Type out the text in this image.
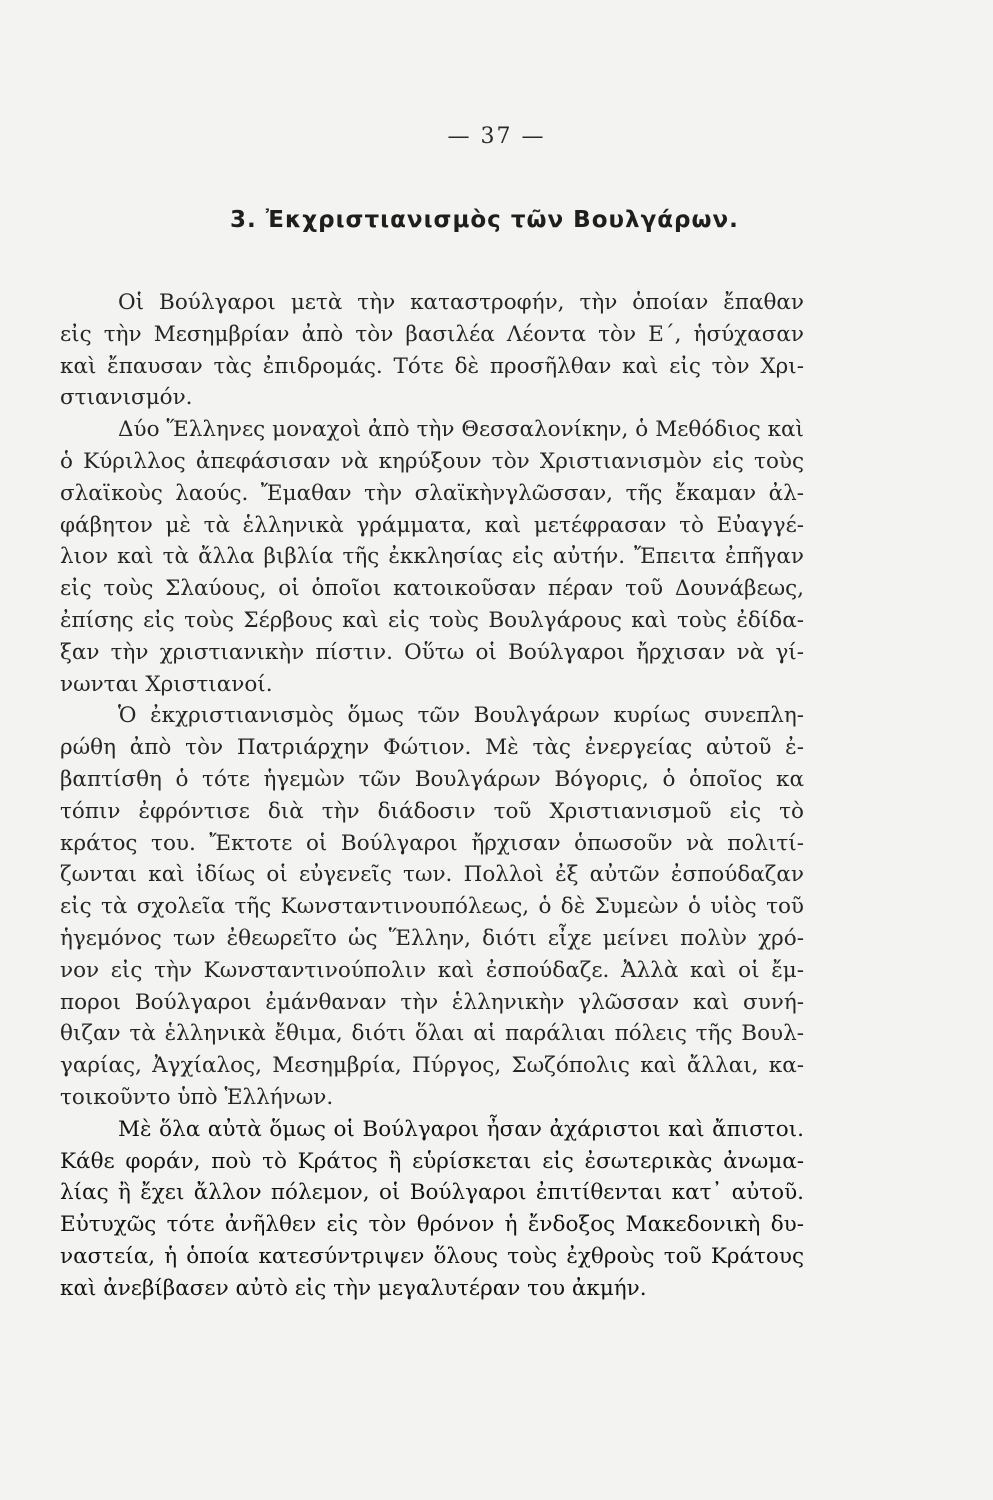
— 37 —
3. Ἐκχριστιανισμὸς τῶν Βουλγάρων.
Οἱ Βούλγαροι μετὰ τὴν καταστροφήν, τὴν ὁποίαν ἔπαθαν
εἰς τὴν Μεσημβρίαν ἀπὸ τὸν βασιλέα Λέοντα τὸν Ε΄, ἡσύχασαν
καὶ ἔπαυσαν τὰς ἐπιδρομάς. Τότε δὲ προσῆλθαν καὶ εἰς τὸν Χρι-
στιανισμόν.
Δύο Ἕλληνες μοναχοὶ ἀπὸ τὴν Θεσσαλονίκην, ὁ Μεθόδιος καὶ
ὁ Κύριλλος ἀπεφάσισαν νὰ κηρύξουν τὸν Χριστιανισμὸν εἰς τοὺς
σλαϊκοὺς λαούς. Ἔμαθαν τὴν σλαϊκὴνγλῶσσαν, τῆς ἔκαμαν ἀλ-
φάβητον μὲ τὰ ἑλληνικὰ γράμματα, καὶ μετέφρασαν τὸ Εὐαγγέ-
λιον καὶ τὰ ἄλλα βιβλία τῆς ἐκκλησίας εἰς αὐτήν. Ἔπειτα ἐπῆγαν
εἰς τοὺς Σλαύους, οἱ ὁποῖοι κατοικοῦσαν πέραν τοῦ Δουνάβεως,
ἐπίσης εἰς τοὺς Σέρβους καὶ εἰς τοὺς Βουλγάρους καὶ τοὺς ἐδίδα-
ξαν τὴν χριστιανικὴν πίστιν. Οὕτω οἱ Βούλγαροι ἤρχισαν νὰ γί-
νωνται Χριστιανοί.
Ὁ ἐκχριστιανισμὸς ὅμως τῶν Βουλγάρων κυρίως συνεπλη-
ρώθη ἀπὸ τὸν Πατριάρχην Φώτιον. Μὲ τὰς ἐνεργείας αὐτοῦ ἐ-
βαπτίσθη ὁ τότε ἡγεμὼν τῶν Βουλγάρων Βόγορις, ὁ ὁποῖος κα
τόπιν ἐφρόντισε διὰ τὴν διάδοσιν τοῦ Χριστιανισμοῦ εἰς τὸ
κράτος του. Ἔκτοτε οἱ Βούλγαροι ἤρχισαν ὁπωσοῦν νὰ πολιτί-
ζωνται καὶ ἰδίως οἱ εὐγενεῖς των. Πολλοὶ ἐξ αὐτῶν ἐσπούδαζαν
εἰς τὰ σχολεῖα τῆς Κωνσταντινουπόλεως, ὁ δὲ Συμεὼν ὁ υἱὸς τοῦ
ἡγεμόνος των ἐθεωρεῖτο ὡς Ἕλλην, διότι εἶχε μείνει πολὺν χρό-
νον εἰς τὴν Κωνσταντινούπολιν καὶ ἐσπούδαζε. Ἀλλὰ καὶ οἱ ἔμ-
ποροι Βούλγαροι ἐμάνθαναν τὴν ἑλληνικὴν γλῶσσαν καὶ συνή-
θιζαν τὰ ἑλληνικὰ ἔθιμα, διότι ὅλαι αἱ παράλιαι πόλεις τῆς Βουλ-
γαρίας, Ἀγχίαλος, Μεσημβρία, Πύργος, Σωζόπολις καὶ ἄλλαι, κα-
τοικοῦντο ὑπὸ Ἑλλήνων.
Μὲ ὅλα αὐτὰ ὅμως οἱ Βούλγαροι ἦσαν ἀχάριστοι καὶ ἄπιστοι.
Κάθε φοράν, ποὺ τὸ Κράτος ἢ εὑρίσκεται εἰς ἐσωτερικὰς ἀνωμα-
λίας ἢ ἔχει ἄλλον πόλεμον, οἱ Βούλγαροι ἐπιτίθενται κατ᾽ αὐτοῦ.
Εὐτυχῶς τότε ἀνῆλθεν εἰς τὸν θρόνον ἡ ἔνδοξος Μακεδονικὴ δυ-
ναστεία, ἡ ὁποία κατεσύντριψεν ὅλους τοὺς ἐχθροὺς τοῦ Κράτους
καὶ ἀνεβίβασεν αὐτὸ εἰς τὴν μεγαλυτέραν του ἀκμήν.
